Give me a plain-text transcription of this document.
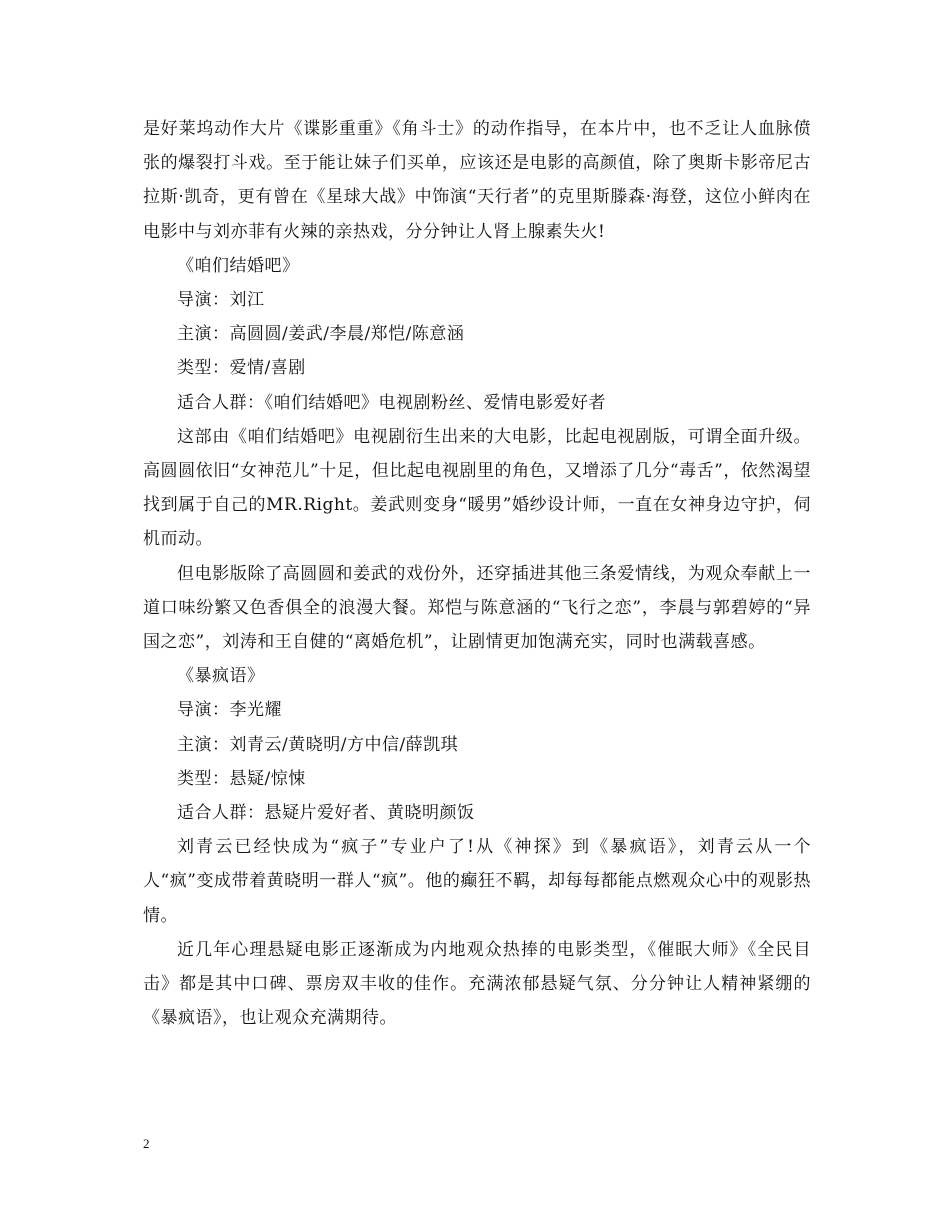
是好莱坞动作大片《谍影重重》《角斗士》的动作指导，在本片中，也不乏让人血脉偾张的爆裂打斗戏。至于能让妹子们买单，应该还是电影的高颜值，除了奥斯卡影帝尼古拉斯·凯奇，更有曾在《星球大战》中饰演“天行者”的克里斯滕森·海登，这位小鲜肉在电影中与刘亦菲有火辣的亲热戏，分分钟让人肾上腺素失火!

《咱们结婚吧》

导演：刘江

主演：高圆圆/姜武/李晨/郑恺/陈意涵

类型：爱情/喜剧

适合人群：《咱们结婚吧》电视剧粉丝、爱情电影爱好者

这部由《咱们结婚吧》电视剧衍生出来的大电影，比起电视剧版，可谓全面升级。高圆圆依旧“女神范儿”十足，但比起电视剧里的角色，又增添了几分“毒舌”，依然渴望找到属于自己的MR.Right。姜武则变身“暖男”婚纱设计师，一直在女神身边守护，伺机而动。

但电影版除了高圆圆和姜武的戏份外，还穿插进其他三条爱情线，为观众奉献上一道口味纷繁又色香俱全的浪漫大餐。郑恺与陈意涵的“飞行之恋”，李晨与郭碧婷的“异国之恋”，刘涛和王自健的“离婚危机”，让剧情更加饱满充实，同时也满载喜感。

《暴疯语》

导演：李光耀

主演：刘青云/黄晓明/方中信/薛凯琪

类型：悬疑/惊悚

适合人群：悬疑片爱好者、黄晓明颜饭

刘青云已经快成为“疯子”专业户了!从《神探》到《暴疯语》，刘青云从一个人“疯”变成带着黄晓明一群人“疯”。他的癫狂不羁，却每每都能点燃观众心中的观影热情。

近几年心理悬疑电影正逐渐成为内地观众热捧的电影类型，《催眠大师》《全民目击》都是其中口碑、票房双丰收的佳作。充满浓郁悬疑气氛、分分钟让人精神紧绷的《暴疯语》，也让观众充满期待。

2
